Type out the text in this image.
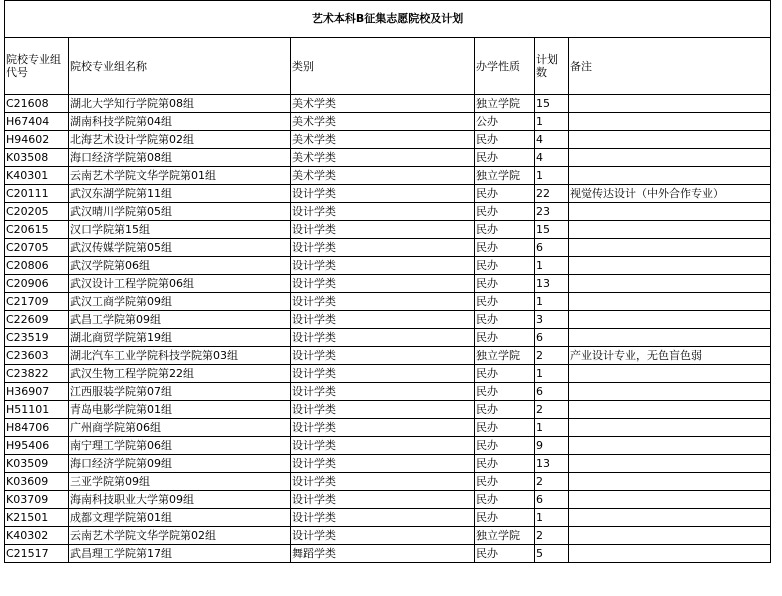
艺术本科B征集志愿院校及计划					
院校专业组代号	院校专业组名称	类别	办学性质	计划数	备注
C21608	湖北大学知行学院第08组	美术学类	独立学院	15	
H67404	湖南科技学院第04组	美术学类	公办	1	
H94602	北海艺术设计学院第02组	美术学类	民办	4	
K03508	海口经济学院第08组	美术学类	民办	4	
K40301	云南艺术学院文华学院第01组	美术学类	独立学院	1	
C20111	武汉东湖学院第11组	设计学类	民办	22	视觉传达设计（中外合作专业）
C20205	武汉晴川学院第05组	设计学类	民办	23	
C20615	汉口学院第15组	设计学类	民办	15	
C20705	武汉传媒学院第05组	设计学类	民办	6	
C20806	武汉学院第06组	设计学类	民办	1	
C20906	武汉设计工程学院第06组	设计学类	民办	13	
C21709	武汉工商学院第09组	设计学类	民办	1	
C22609	武昌工学院第09组	设计学类	民办	3	
C23519	湖北商贸学院第19组	设计学类	民办	6	
C23603	湖北汽车工业学院科技学院第03组	设计学类	独立学院	2	产业设计专业，无色盲色弱
C23822	武汉生物工程学院第22组	设计学类	民办	1	
H36907	江西服装学院第07组	设计学类	民办	6	
H51101	青岛电影学院第01组	设计学类	民办	2	
H84706	广州商学院第06组	设计学类	民办	1	
H95406	南宁理工学院第06组	设计学类	民办	9	
K03509	海口经济学院第09组	设计学类	民办	13	
K03609	三亚学院第09组	设计学类	民办	2	
K03709	海南科技职业大学第09组	设计学类	民办	6	
K21501	成都文理学院第01组	设计学类	民办	1	
K40302	云南艺术学院文华学院第02组	设计学类	独立学院	2	
C21517	武昌理工学院第17组	舞蹈学类	民办	5	
